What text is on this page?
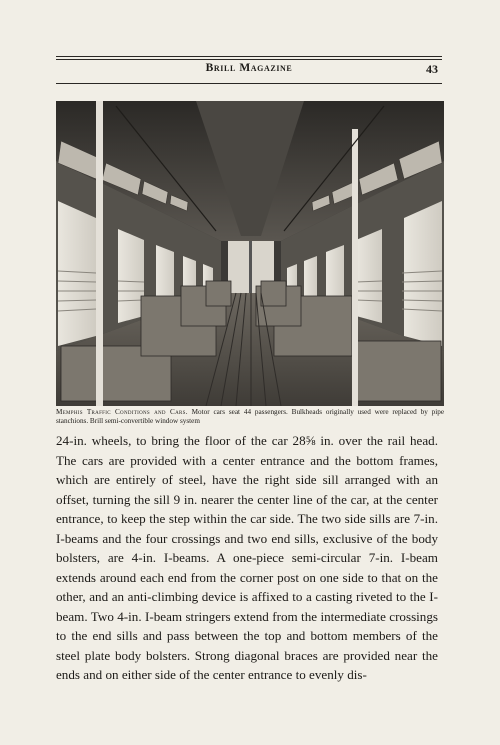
Brill Magazine	43
Memphis Traffic Conditions and Cars. Motor cars seat 44 passengers. Bulkheads originally used were replaced by pipe stanchions. Brill semi-convertible window system

24-in. wheels, to bring the floor of the car 28⅝ in. over the rail head. The cars are provided with a center entrance and the bottom frames, which are entirely of steel, have the right side sill arranged with an offset, turning the sill 9 in. nearer the center line of the car, at the center entrance, to keep the step within the car side. The two side sills are 7-in. I-beams and the four crossings and two end sills, exclusive of the body bolsters, are 4-in. I-beams. A one-piece semi-circular 7-in. I-beam extends around each end from the corner post on one side to that on the other, and an anti-climbing device is affixed to a casting riveted to the I-beam. Two 4-in. I-beam stringers extend from the intermediate crossings to the end sills and pass between the top and bottom members of the steel plate body bolsters. Strong diagonal braces are provided near the ends and on either side of the center entrance to evenly dis-
